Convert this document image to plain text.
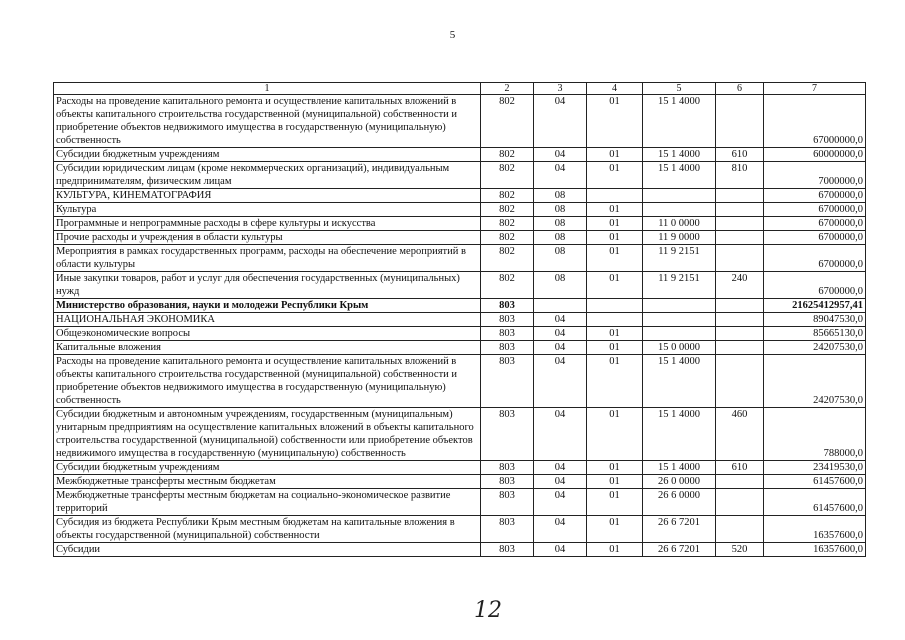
5
1	2	3	4	5	6	7
Расходы на проведение капитального ремонта и осуществление капитальных вложений в объекты капитального строительства государственной (муниципальной) собственности и приобретение объектов недвижимого имущества в государственную (муниципальную) собственность	802	04	01	15 1 4000		67000000,0
Субсидии бюджетным учреждениям	802	04	01	15 1 4000	610	60000000,0
Субсидии юридическим лицам (кроме некоммерческих организаций), индивидуальным предпринимателям, физическим лицам	802	04	01	15 1 4000	810	7000000,0
КУЛЬТУРА, КИНЕМАТОГРАФИЯ	802	08				6700000,0
Культура	802	08	01			6700000,0
Программные и непрограммные расходы в сфере культуры и искусства	802	08	01	11 0 0000		6700000,0
Прочие расходы и учреждения в области культуры	802	08	01	11 9 0000		6700000,0
Мероприятия в рамках государственных программ, расходы на обеспечение мероприятий в области культуры	802	08	01	11 9 2151		6700000,0
Иные закупки товаров, работ и услуг для обеспечения государственных (муниципальных) нужд	802	08	01	11 9 2151	240	6700000,0
Министерство образования, науки и молодежи Республики Крым	803					21625412957,41
НАЦИОНАЛЬНАЯ ЭКОНОМИКА	803	04				89047530,0
Общеэкономические вопросы	803	04	01			85665130,0
Капитальные вложения	803	04	01	15 0 0000		24207530,0
Расходы на проведение капитального ремонта и осуществление капитальных вложений в объекты капитального строительства государственной (муниципальной) собственности и приобретение объектов недвижимого имущества в государственную (муниципальную) собственность	803	04	01	15 1 4000		24207530,0
Субсидии бюджетным и автономным учреждениям, государственным (муниципальным) унитарным предприятиям на осуществление капитальных вложений в объекты капитального строительства государственной (муниципальной) собственности или приобретение объектов недвижимого имущества в государственную (муниципальную) собственность	803	04	01	15 1 4000	460	788000,0
Субсидии бюджетным учреждениям	803	04	01	15 1 4000	610	23419530,0
Межбюджетные трансферты местным бюджетам	803	04	01	26 0 0000		61457600,0
Межбюджетные трансферты местным бюджетам на социально-экономическое развитие территорий	803	04	01	26 6 0000		61457600,0
Субсидия из бюджета Республики Крым местным бюджетам на капитальные вложения в объекты государственной (муниципальной) собственности	803	04	01	26 6 7201		16357600,0
Субсидии	803	04	01	26 6 7201	520	16357600,0
12
